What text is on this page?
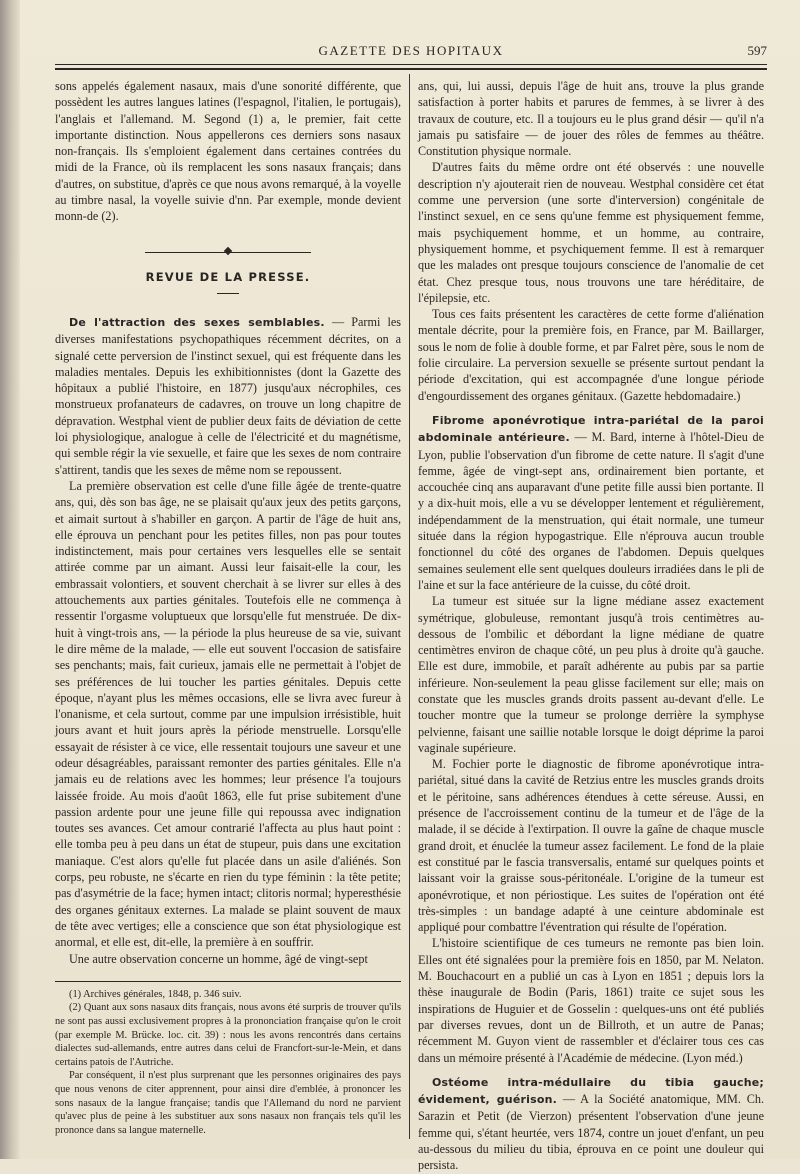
GAZETTE DES HOPITAUX	597

sons appelés également nasaux, mais d'une sonorité différente, que possèdent les autres langues latines (l'espagnol, l'italien, le portugais), l'anglais et l'allemand. M. Segond (1) a, le premier, fait cette importante distinction. Nous appellerons ces derniers sons nasaux non-français. Ils s'emploient également dans certaines contrées du midi de la France, où ils remplacent les sons nasaux français; dans d'autres, on substitue, d'après ce que nous avons remarqué, à la voyelle au timbre nasal, la voyelle suivie d'nn. Par exemple, monde devient monn-de (2).

REVUE DE LA PRESSE.

De l'attraction des sexes semblables. — Parmi les diverses manifestations psychopathiques récemment décrites, on a signalé cette perversion de l'instinct sexuel, qui est fréquente dans les maladies mentales. Depuis les exhibitionnistes (dont la Gazette des hôpitaux a publié l'histoire, en 1877) jusqu'aux nécrophiles, ces monstrueux profanateurs de cadavres, on trouve un long chapitre de dépravation. Westphal vient de publier deux faits de déviation de cette loi physiologique, analogue à celle de l'électricité et du magnétisme, qui semble régir la vie sexuelle, et faire que les sexes de nom contraire s'attirent, tandis que les sexes de même nom se repoussent.

La première observation est celle d'une fille âgée de trente-quatre ans, qui, dès son bas âge, ne se plaisait qu'aux jeux des petits garçons, et aimait surtout à s'habiller en garçon. A partir de l'âge de huit ans, elle éprouva un penchant pour les petites filles, non pas pour toutes indistinctement, mais pour certaines vers lesquelles elle se sentait attirée comme par un aimant. Aussi leur faisait-elle la cour, les embrassait volontiers, et souvent cherchait à se livrer sur elles à des attouchements aux parties génitales. Toutefois elle ne commença à ressentir l'orgasme voluptueux que lorsqu'elle fut menstruée. De dix-huit à vingt-trois ans, — la période la plus heureuse de sa vie, suivant le dire même de la malade, — elle eut souvent l'occasion de satisfaire ses penchants; mais, fait curieux, jamais elle ne permettait à l'objet de ses préférences de lui toucher les parties génitales. Depuis cette époque, n'ayant plus les mêmes occasions, elle se livra avec fureur à l'onanisme, et cela surtout, comme par une impulsion irrésistible, huit jours avant et huit jours après la période menstruelle. Lorsqu'elle essayait de résister à ce vice, elle ressentait toujours une saveur et une odeur désagréables, paraissant remonter des parties génitales. Elle n'a jamais eu de relations avec les hommes; leur présence l'a toujours laissée froide. Au mois d'août 1863, elle fut prise subitement d'une passion ardente pour une jeune fille qui repoussa avec indignation toutes ses avances. Cet amour contrarié l'affecta au plus haut point : elle tomba peu à peu dans un état de stupeur, puis dans une excitation maniaque. C'est alors qu'elle fut placée dans un asile d'aliénés. Son corps, peu robuste, ne s'écarte en rien du type féminin : la tête petite; pas d'asymétrie de la face; hymen intact; clitoris normal; hyperesthésie des organes génitaux externes. La malade se plaint souvent de maux de tête avec vertiges; elle a conscience que son état physiologique est anormal, et elle est, dit-elle, la première à en souffrir.

Une autre observation concerne un homme, âgé de vingt-sept

(1) Archives générales, 1848, p. 346 suiv.

(2) Quant aux sons nasaux dits français, nous avons été surpris de trouver qu'ils ne sont pas aussi exclusivement propres à la prononciation française qu'on le croit (par exemple M. Brücke. loc. cit. 39) : nous les avons rencontrés dans certains dialectes sud-allemands, entre autres dans celui de Francfort-sur-le-Mein, et dans certains patois de l'Autriche.

Par conséquent, il n'est plus surprenant que les personnes originaires des pays que nous venons de citer apprennent, pour ainsi dire d'emblée, à prononcer les sons nasaux de la langue française; tandis que l'Allemand du nord ne parvient qu'avec plus de peine à les substituer aux sons nasaux non français tels qu'il les prononce dans sa langue maternelle.

ans, qui, lui aussi, depuis l'âge de huit ans, trouve la plus grande satisfaction à porter habits et parures de femmes, à se livrer à des travaux de couture, etc. Il a toujours eu le plus grand désir — qu'il n'a jamais pu satisfaire — de jouer des rôles de femmes au théâtre. Constitution physique normale.

D'autres faits du même ordre ont été observés : une nouvelle description n'y ajouterait rien de nouveau. Westphal considère cet état comme une perversion (une sorte d'interversion) congénitale de l'instinct sexuel, en ce sens qu'une femme est physiquement femme, mais psychiquement homme, et un homme, au contraire, physiquement homme, et psychiquement femme. Il est à remarquer que les malades ont presque toujours conscience de l'anomalie de cet état. Chez presque tous, nous trouvons une tare héréditaire, de l'épilepsie, etc.

Tous ces faits présentent les caractères de cette forme d'aliénation mentale décrite, pour la première fois, en France, par M. Baillarger, sous le nom de folie à double forme, et par Falret père, sous le nom de folie circulaire. La perversion sexuelle se présente surtout pendant la période d'excitation, qui est accompagnée d'une longue période d'engourdissement des organes génitaux. (Gazette hebdomadaire.)

Fibrome aponévrotique intra-pariétal de la paroi abdominale antérieure. — M. Bard, interne à l'hôtel-Dieu de Lyon, publie l'observation d'un fibrome de cette nature. Il s'agit d'une femme, âgée de vingt-sept ans, ordinairement bien portante, et accouchée cinq ans auparavant d'une petite fille aussi bien portante. Il y a dix-huit mois, elle a vu se développer lentement et régulièrement, indépendamment de la menstruation, qui était normale, une tumeur située dans la région hypogastrique. Elle n'éprouva aucun trouble fonctionnel du côté des organes de l'abdomen. Depuis quelques semaines seulement elle sent quelques douleurs irradiées dans le pli de l'aine et sur la face antérieure de la cuisse, du côté droit.

La tumeur est située sur la ligne médiane assez exactement symétrique, globuleuse, remontant jusqu'à trois centimètres au-dessous de l'ombilic et débordant la ligne médiane de quatre centimètres environ de chaque côté, un peu plus à droite qu'à gauche. Elle est dure, immobile, et paraît adhérente au pubis par sa partie inférieure. Non-seulement la peau glisse facilement sur elle; mais on constate que les muscles grands droits passent au-devant d'elle. Le toucher montre que la tumeur se prolonge derrière la symphyse pelvienne, faisant une saillie notable lorsque le doigt déprime la paroi vaginale supérieure.

M. Fochier porte le diagnostic de fibrome aponévrotique intra-pariétal, situé dans la cavité de Retzius entre les muscles grands droits et le péritoine, sans adhérences étendues à cette séreuse. Aussi, en présence de l'accroissement continu de la tumeur et de l'âge de la malade, il se décide à l'extirpation. Il ouvre la gaîne de chaque muscle grand droit, et énuclée la tumeur assez facilement. Le fond de la plaie est constitué par le fascia transversalis, entamé sur quelques points et laissant voir la graisse sous-péritonéale. L'origine de la tumeur est aponévrotique, et non périostique. Les suites de l'opération ont été très-simples : un bandage adapté à une ceinture abdominale est appliqué pour combattre l'éventration qui résulte de l'opération.

L'histoire scientifique de ces tumeurs ne remonte pas bien loin. Elles ont été signalées pour la première fois en 1850, par M. Nelaton. M. Bouchacourt en a publié un cas à Lyon en 1851 ; depuis lors la thèse inaugurale de Bodin (Paris, 1861) traite ce sujet sous les inspirations de Huguier et de Gosselin : quelques-uns ont été publiés par diverses revues, dont un de Billroth, et un autre de Panas; récemment M. Guyon vient de rassembler et d'éclairer tous ces cas dans un mémoire présenté à l'Académie de médecine. (Lyon méd.)

Ostéome intra-médullaire du tibia gauche; évidement, guérison. — A la Société anatomique, MM. Ch. Sarazin et Petit (de Vierzon) présentent l'observation d'une jeune femme qui, s'étant heurtée, vers 1874, contre un jouet d'enfant, un peu au-dessous du milieu du tibia, éprouva en ce point une douleur qui persista.
